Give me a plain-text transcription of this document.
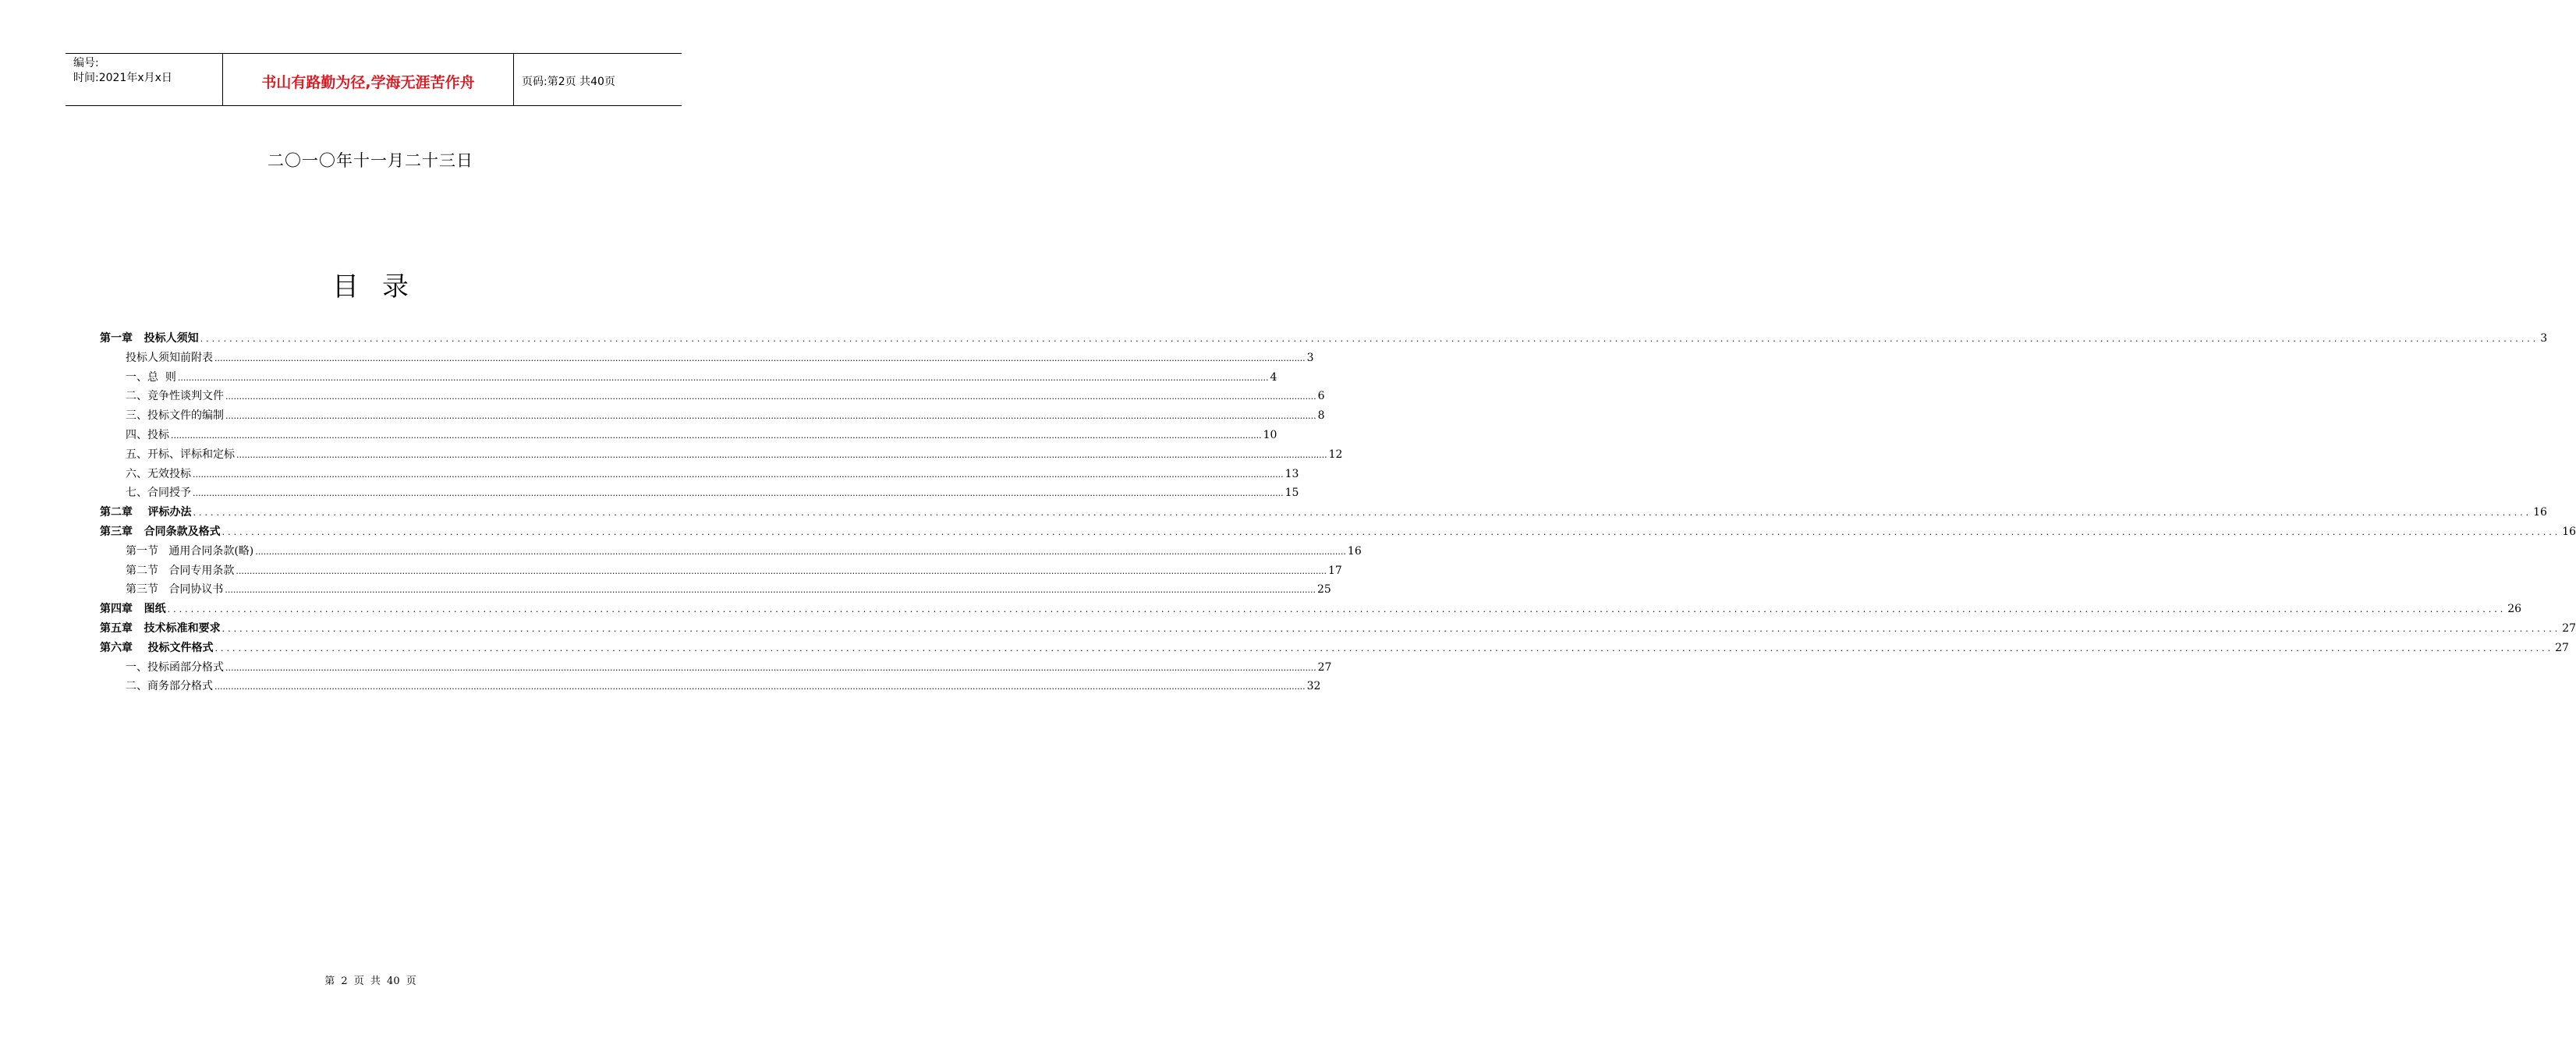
编号:
时间:2021年x月x日	书山有路勤为径,学海无涯苦作舟	页码:第2页 共40页
二〇一〇年十一月二十三日
目录
第一章   投标人须知 ................................................................................................................................................................................................................................................................................................................................................................................................................ 3
投标人须知前附表 ................................................................................................................................................................................................................................................................................................................................................................................................................ 3
一、总  则 ................................................................................................................................................................................................................................................................................................................................................................................................................ 4
二、竞争性谈判文件 ................................................................................................................................................................................................................................................................................................................................................................................................................ 6
三、投标文件的编制 ................................................................................................................................................................................................................................................................................................................................................................................................................ 8
四、投标 ................................................................................................................................................................................................................................................................................................................................................................................................................ 10
五、开标、评标和定标 ................................................................................................................................................................................................................................................................................................................................................................................................................ 12
六、无效投标 ................................................................................................................................................................................................................................................................................................................................................................................................................ 13
七、合同授予 ................................................................................................................................................................................................................................................................................................................................................................................................................ 15
第二章    评标办法 ................................................................................................................................................................................................................................................................................................................................................................................................................ 16
第三章   合同条款及格式 ................................................................................................................................................................................................................................................................................................................................................................................................................ 16
第一节   通用合同条款(略) ................................................................................................................................................................................................................................................................................................................................................................................................................ 16
第二节   合同专用条款 ................................................................................................................................................................................................................................................................................................................................................................................................................ 17
第三节   合同协议书 ................................................................................................................................................................................................................................................................................................................................................................................................................ 25
第四章   图纸 ................................................................................................................................................................................................................................................................................................................................................................................................................ 26
第五章   技术标准和要求 ................................................................................................................................................................................................................................................................................................................................................................................................................ 27
第六章    投标文件格式 ................................................................................................................................................................................................................................................................................................................................................................................................................ 27
一、投标函部分格式 ................................................................................................................................................................................................................................................................................................................................................................................................................ 27
二、商务部分格式 ................................................................................................................................................................................................................................................................................................................................................................................................................ 32
第 2 页 共 40 页
